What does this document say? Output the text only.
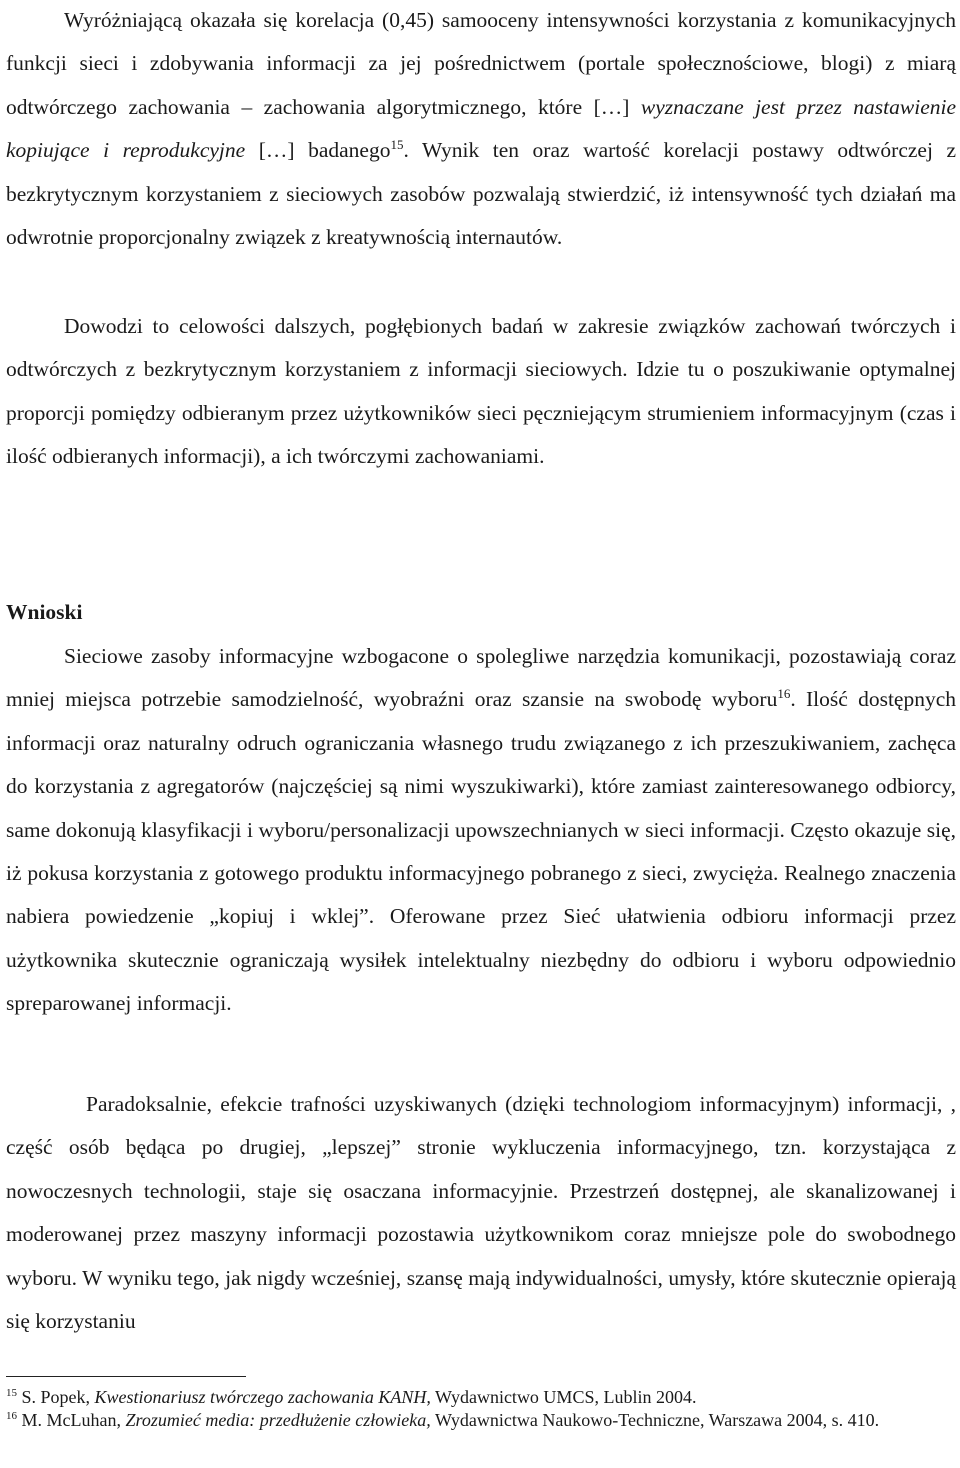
Wyróżniającą okazała się korelacja (0,45) samooceny intensywności korzystania z komunikacyjnych funkcji sieci i zdobywania informacji za jej pośrednictwem (portale społecznościowe, blogi) z miarą odtwórczego zachowania – zachowania algorytmicznego, które […] wyznaczane jest przez nastawienie kopiujące i reprodukcyjne […] badanego$^{15}$. Wynik ten oraz wartość korelacji postawy odtwórczej z bezkrytycznym korzystaniem z sieciowych zasobów pozwalają stwierdzić, iż intensywność tych działań ma odwrotnie proporcjonalny związek z kreatywnością internautów.

Dowodzi to celowości dalszych, pogłębionych badań w zakresie związków zachowań twórczych i odtwórczych z bezkrytycznym korzystaniem z informacji sieciowych. Idzie tu o poszukiwanie optymalnej proporcji pomiędzy odbieranym przez użytkowników sieci pęczniejącym strumieniem informacyjnym (czas i ilość odbieranych informacji), a ich twórczymi zachowaniami.

Wnioski

Sieciowe zasoby informacyjne wzbogacone o spolegliwe narzędzia komunikacji, pozostawiają coraz mniej miejsca potrzebie samodzielność, wyobraźni oraz szansie na swobodę wyboru$^{16}$. Ilość dostępnych informacji oraz naturalny odruch ograniczania własnego trudu związanego z ich przeszukiwaniem, zachęca do korzystania z agregatorów (najczęściej są nimi wyszukiwarki), które zamiast zainteresowanego odbiorcy, same dokonują klasyfikacji i wyboru/personalizacji upowszechnianych w sieci informacji. Często okazuje się, iż pokusa korzystania z gotowego produktu informacyjnego pobranego z sieci, zwycięża. Realnego znaczenia nabiera powiedzenie „kopiuj i wklej”. Oferowane przez Sieć ułatwienia odbioru informacji przez użytkownika skutecznie ograniczają wysiłek intelektualny niezbędny do odbioru i wyboru odpowiednio spreparowanej informacji.

Paradoksalnie, efekcie trafności uzyskiwanych (dzięki technologiom informacyjnym) informacji, , część osób będąca po drugiej, „lepszej” stronie wykluczenia informacyjnego, tzn. korzystająca z nowoczesnych technologii, staje się osaczana informacyjnie. Przestrzeń dostępnej, ale skanalizowanej i moderowanej przez maszyny informacji pozostawia użytkownikom coraz mniejsze pole do swobodnego wyboru. W wyniku tego, jak nigdy wcześniej, szansę mają indywidualności, umysły, które skutecznie opierają się korzystaniu

$^{15}$ S. Popek, Kwestionariusz twórczego zachowania KANH, Wydawnictwo UMCS, Lublin 2004.

$^{16}$ M. McLuhan, Zrozumieć media: przedłużenie człowieka, Wydawnictwa Naukowo-Techniczne, Warszawa 2004, s. 410.
